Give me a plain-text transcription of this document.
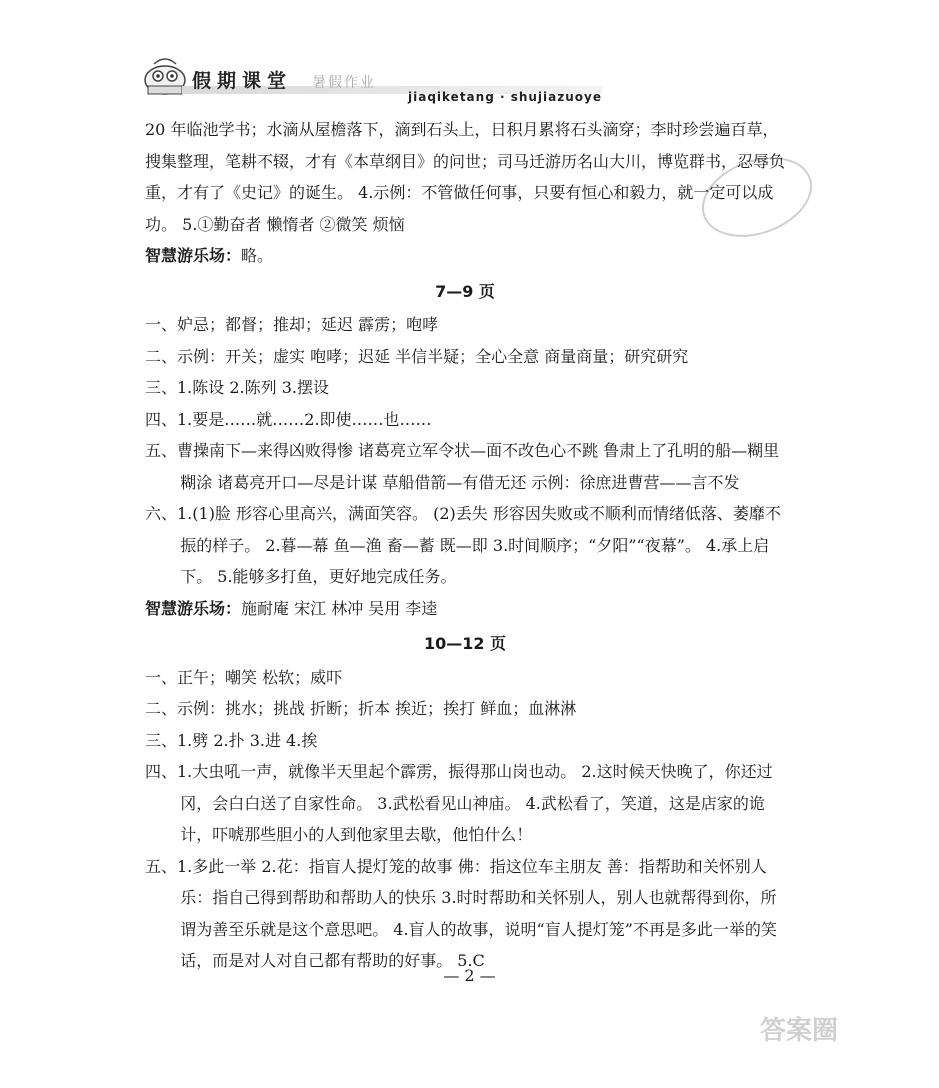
假期课堂 暑假作业
jiaqiketang · shujiazuoye

20 年临池学书；水滴从屋檐落下，滴到石头上，日积月累将石头滴穿；李时珍尝遍百草，搜集整理，笔耕不辍，才有《本草纲目》的问世；司马迁游历名山大川，博览群书，忍辱负重，才有了《史记》的诞生。 4.示例：不管做任何事，只要有恒心和毅力，就一定可以成功。 5.①勤奋者 懒惰者 ②微笑 烦恼

智慧游乐场：略。

7—9 页

一、妒忌；都督；推却；延迟 霹雳；咆哮

二、示例：开关；虚实 咆哮；迟延 半信半疑；全心全意 商量商量；研究研究

三、1.陈设 2.陈列 3.摆设

四、1.要是……就……2.即使……也……

五、曹操南下—来得凶败得惨 诸葛亮立军令状—面不改色心不跳 鲁肃上了孔明的船—糊里糊涂 诸葛亮开口—尽是计谋 草船借箭—有借无还 示例：徐庶进曹营——言不发

六、1.(1)脸 形容心里高兴，满面笑容。 (2)丢失 形容因失败或不顺利而情绪低落、萎靡不振的样子。 2.暮—幕 鱼—渔 畜—蓄 既—即 3.时间顺序；“夕阳”“夜幕”。 4.承上启下。 5.能够多打鱼，更好地完成任务。

智慧游乐场：施耐庵 宋江 林冲 吴用 李逵

10—12 页

一、正午；嘲笑 松软；威吓

二、示例：挑水；挑战 折断；折本 挨近；挨打 鲜血；血淋淋

三、1.劈 2.扑 3.进 4.挨

四、1.大虫吼一声，就像半天里起个霹雳，振得那山岗也动。 2.这时候天快晚了，你还过冈，会白白送了自家性命。 3.武松看见山神庙。 4.武松看了，笑道，这是店家的诡计，吓唬那些胆小的人到他家里去歇，他怕什么！

五、1.多此一举 2.花：指盲人提灯笼的故事 佛：指这位车主朋友 善：指帮助和关怀别人 乐：指自己得到帮助和帮助人的快乐 3.时时帮助和关怀别人，别人也就帮得到你，所谓为善至乐就是这个意思吧。 4.盲人的故事，说明“盲人提灯笼”不再是多此一举的笑话，而是对人对自己都有帮助的好事。 5.C

— 2 —
答案圈
